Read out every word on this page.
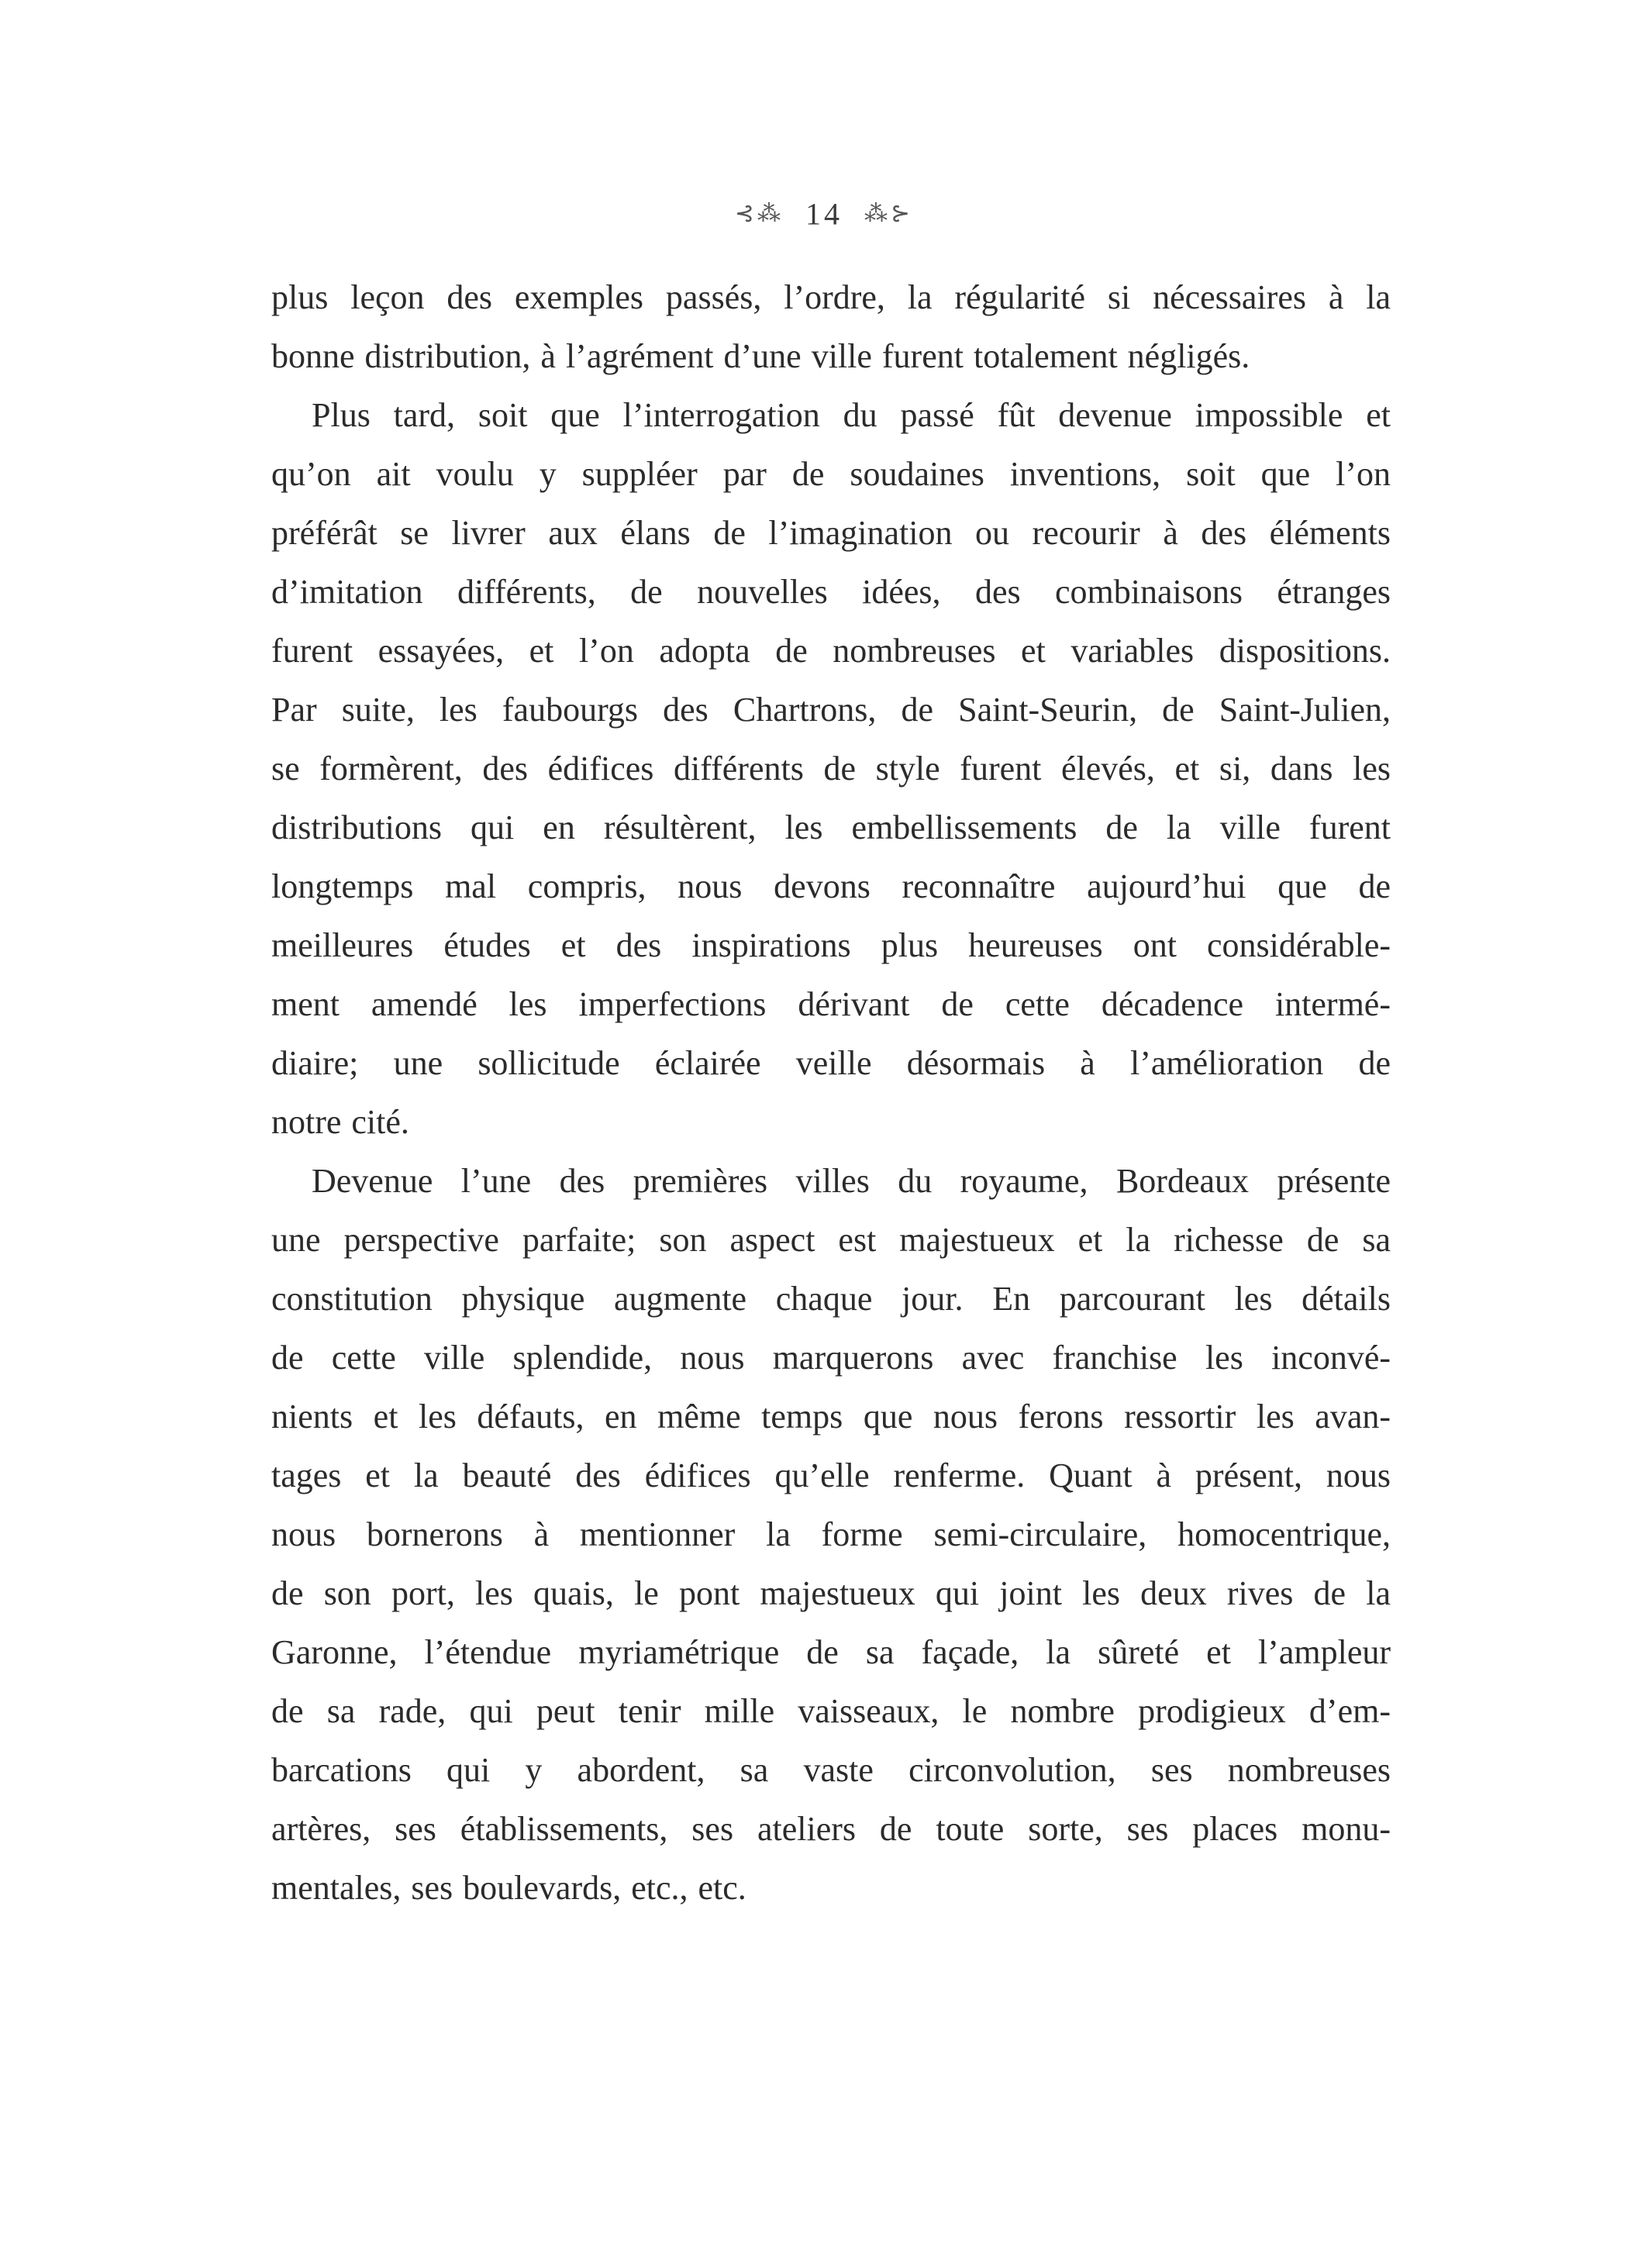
⊰⁂ 14 ⁂⊱
plus leçon des exemples passés, l’ordre, la régularité si nécessaires à la
bonne distribution, à l’agrément d’une ville furent totalement négligés.
Plus tard, soit que l’interrogation du passé fût devenue impossible et
qu’on ait voulu y suppléer par de soudaines inventions, soit que l’on
préférât se livrer aux élans de l’imagination ou recourir à des éléments
d’imitation différents, de nouvelles idées, des combinaisons étranges
furent essayées, et l’on adopta de nombreuses et variables dispositions.
Par suite, les faubourgs des Chartrons, de Saint-Seurin, de Saint-Julien,
se formèrent, des édifices différents de style furent élevés, et si, dans les
distributions qui en résultèrent, les embellissements de la ville furent
longtemps mal compris, nous devons reconnaître aujourd’hui que de
meilleures études et des inspirations plus heureuses ont considérable-
ment amendé les imperfections dérivant de cette décadence intermé-
diaire; une sollicitude éclairée veille désormais à l’amélioration de
notre cité.
Devenue l’une des premières villes du royaume, Bordeaux présente
une perspective parfaite; son aspect est majestueux et la richesse de sa
constitution physique augmente chaque jour. En parcourant les détails
de cette ville splendide, nous marquerons avec franchise les inconvé-
nients et les défauts, en même temps que nous ferons ressortir les avan-
tages et la beauté des édifices qu’elle renferme. Quant à présent, nous
nous bornerons à mentionner la forme semi-circulaire, homocentrique,
de son port, les quais, le pont majestueux qui joint les deux rives de la
Garonne, l’étendue myriamétrique de sa façade, la sûreté et l’ampleur
de sa rade, qui peut tenir mille vaisseaux, le nombre prodigieux d’em-
barcations qui y abordent, sa vaste circonvolution, ses nombreuses
artères, ses établissements, ses ateliers de toute sorte, ses places monu-
mentales, ses boulevards, etc., etc.
